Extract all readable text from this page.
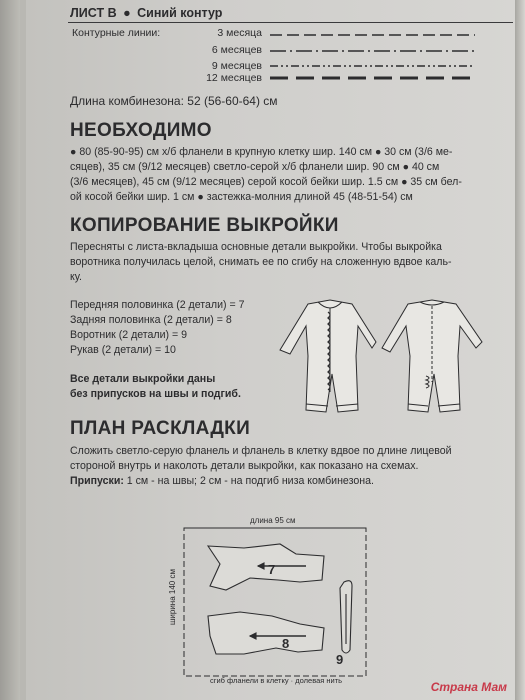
ЛИСТ В ● Синий контур
Контурные линии:	3 месяца
6 месяцев
9 месяцев
12 месяцев
Длина комбинезона: 52 (56-60-64) см
НЕОБХОДИМО
● 80 (85-90-95) см х/б фланели в крупную клетку шир. 140 см ● 30 см (3/6 ме-
сяцев), 35 см (9/12 месяцев) светло-серой х/б фланели шир. 90 см ● 40 см
(3/6 месяцев), 45 см (9/12 месяцев) серой косой бейки шир. 1.5 см ● 35 см бел-
ой косой бейки шир. 1 см ● застежка-молния длиной 45 (48-51-54) см
КОПИРОВАНИЕ ВЫКРОЙКИ
Пересняты с листа-вкладыша основные детали выкройки. Чтобы выкройка
воротника получилась целой, снимать ее по сгибу на сложенную вдвое каль-
ку.
Передняя половинка (2 детали) = 7
Задняя половинка (2 детали) = 8
Воротник (2 детали) = 9
Рукав (2 детали) = 10
Все детали выкройки даны
без припусков на швы и подгиб.
ПЛАН РАСКЛАДКИ
Сложить светло-серую фланель и фланель в клетку вдвое по длине лицевой
стороной внутрь и наколоть детали выкройки, как показано на схемах.
Припуски: 1 см - на швы; 2 см - на подгиб низа комбинезона.
длина 95 см
ширина 140 см
сгиб фланели в клетку · долевая нить
7
8
9
Страна Мам
